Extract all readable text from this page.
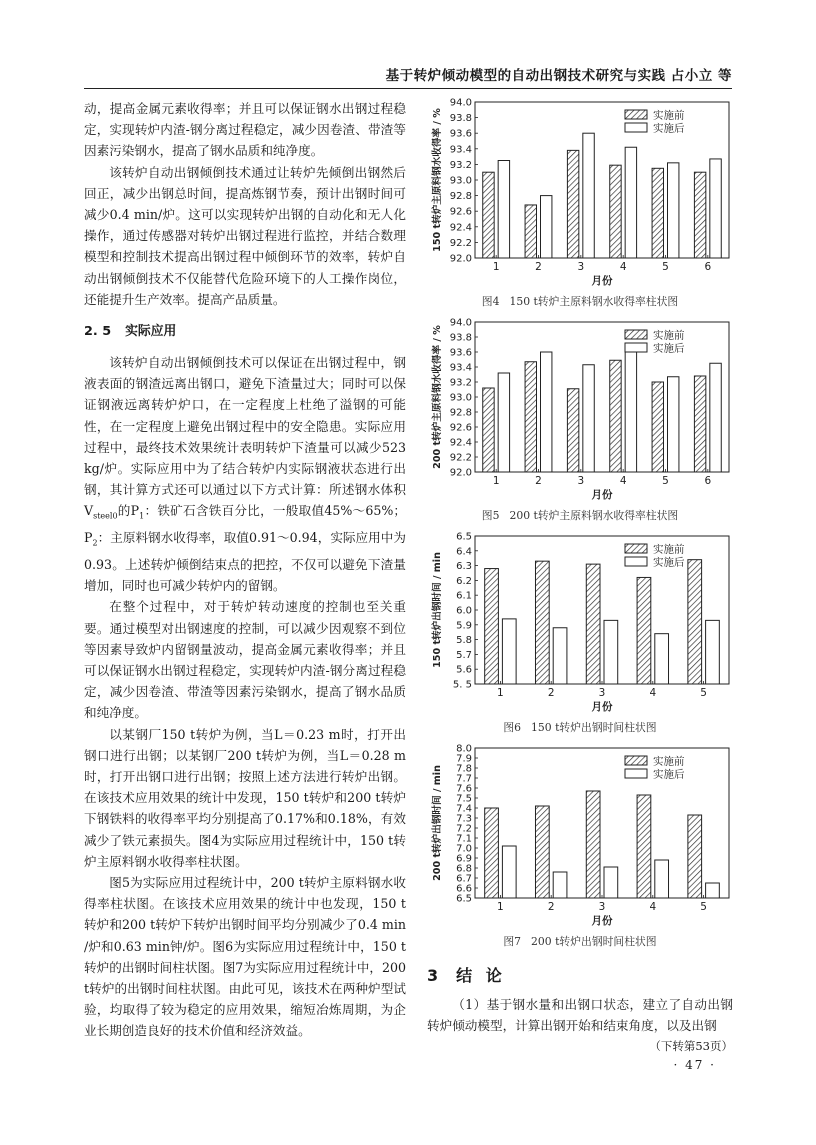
基于转炉倾动模型的自动出钢技术研究与实践 占小立 等

动，提高金属元素收得率；并且可以保证钢水出钢过程稳定，实现转炉内渣-钢分离过程稳定，减少因卷渣、带渣等因素污染钢水，提高了钢水品质和纯净度。

该转炉自动出钢倾倒技术通过让转炉先倾倒出钢然后回正，减少出钢总时间，提高炼钢节奏，预计出钢时间可减少0.4 min/炉。这可以实现转炉出钢的自动化和无人化操作，通过传感器对转炉出钢过程进行监控，并结合数理模型和控制技术提高出钢过程中倾倒环节的效率，转炉自动出钢倾倒技术不仅能替代危险环境下的人工操作岗位，还能提升生产效率。提高产品质量。

2. 5 实际应用

该转炉自动出钢倾倒技术可以保证在出钢过程中，钢液表面的钢渣远离出钢口，避免下渣量过大；同时可以保证钢液远离转炉炉口，在一定程度上杜绝了溢钢的可能性，在一定程度上避免出钢过程中的安全隐患。实际应用过程中，最终技术效果统计表明转炉下渣量可以减少523 kg/炉。实际应用中为了结合转炉内实际钢液状态进行出钢，其计算方式还可以通过以下方式计算：所述钢水体积$V_{steel0}$的$P_1$：铁矿石含铁百分比，一般取值45%～65%；$P_2$：主原料钢水收得率，取值0.91～0.94，实际应用中为0.93。上述转炉倾倒结束点的把控，不仅可以避免下渣量增加，同时也可减少转炉内的留钢。

在整个过程中，对于转炉转动速度的控制也至关重要。通过模型对出钢速度的控制，可以减少因观察不到位等因素导致炉内留钢量波动，提高金属元素收得率；并且可以保证钢水出钢过程稳定，实现转炉内渣-钢分离过程稳定，减少因卷渣、带渣等因素污染钢水，提高了钢水品质和纯净度。

以某钢厂150 t转炉为例，当L＝0.23 m时，打开出钢口进行出钢；以某钢厂200 t转炉为例，当L＝0.28 m时，打开出钢口进行出钢；按照上述方法进行转炉出钢。在该技术应用效果的统计中发现，150 t转炉和200 t转炉下钢铁料的收得率平均分别提高了0.17%和0.18%，有效减少了铁元素损失。图4为实际应用过程统计中，150 t转炉主原料钢水收得率柱状图。

图5为实际应用过程统计中，200 t转炉主原料钢水收得率柱状图。在该技术应用效果的统计中也发现，150 t转炉和200 t转炉下转炉出钢时间平均分别减少了0.4 min /炉和0.63 min钟/炉。图6为实际应用过程统计中，150 t转炉的出钢时间柱状图。图7为实际应用过程统计中，200 t转炉的出钢时间柱状图。由此可见，该技术在两种炉型试验，均取得了较为稳定的应用效果，缩短冶炼周期，为企业长期创造良好的技术价值和经济效益。

92.0
92.2
92.4
92.6
92.8
93.0
93.2
93.4
93.6
93.8
94.0
150 t转炉主原料钢水收得率 / %
1	2	3	4	5	6
月份
实施前
实施后
图4 150 t转炉主原料钢水收得率柱状图
92.0
92.2
92.4
92.6
92.8
93.0
93.2
93.4
93.6
93.8
94.0
200 t转炉主原料钢水收得率 / %
1	2	3	4	5	6
月份
实施前
实施后
图5 200 t转炉主原料钢水收得率柱状图
5. 5
5.6
5.7
5.8
5.9
6.0
6.1
6.2
6.3
6.4
6.5
150 t转炉出钢时间 / min
1	2	3	4	5
月份
实施前
实施后
图6 150 t转炉出钢时间柱状图
6.5
6.6
6.7
6.8
6.9
7.0
7.1
7.2
7.3
7.4
7.5
7.6
7.7
7.8
7.9
8.0
200 t转炉出钢时间 / min
1	2	3	4	5
月份
实施前
实施后
图7 200 t转炉出钢时间柱状图
3 结 论

（1）基于钢水量和出钢口状态，建立了自动出钢转炉倾动模型，计算出钢开始和结束角度，以及出钢

（下转第53页）
· 47 ·
